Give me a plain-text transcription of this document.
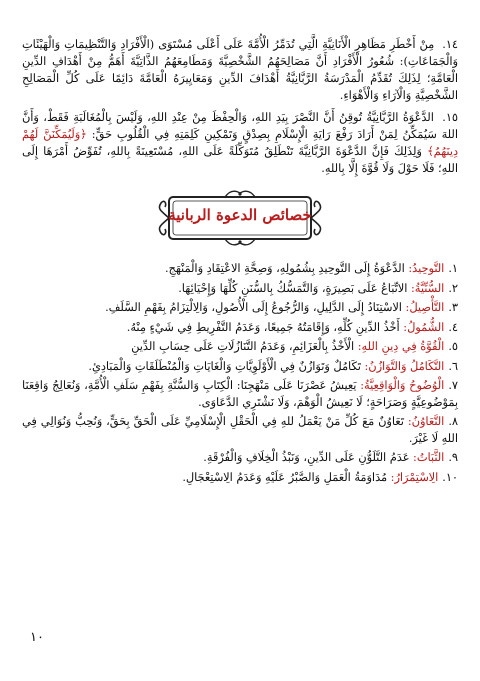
١٤. مِنْ أَخْطَرِ مَظَاهِرِ الْأَنَانِيَّةِ الَّتِي تُدَمِّرُ الْأُمَّةَ عَلَى أَعْلَى مُسْتَوَى (الْأَفْرَادِ وَالتَّنْظِيمَاتِ وَالْهَيْئَاتِ وَالْجَمَاعَاتِ): شُعُورُ الْأَفْرَادِ أَنَّ مَصَالِحَهُمُ الشَّخْصِيَّةَ وَمَطَامِعَهُمُ الذَّاتِيَّةَ أَهَمُّ مِنْ أَهْدَافِ الدِّينِ الْعَامَّةِ؛ لِذَلِكَ تُقَدِّمُ الْمَدْرَسَةُ الرَّبَّانِيَّةُ أَهْدَافَ الدِّينِ وَمَعَايِيرَهُ الْعَامَّةَ دَائِمًا عَلَى كُلِّ الْمَصَالِحِ الشَّخْصِيَّةِ وَالْآرَاءِ وَالْأَهْوَاءِ.

١٥. الدَّعْوَةُ الرَّبَّانِيَّةُ تُوقِنُ أَنَّ النَّصْرَ بِيَدِ اللهِ، وَالْحِفْظَ مِنْ عِنْدِ اللهِ، وَلَيْسَ بِالْمُغَالَبَةِ فَقَطْ، وَأَنَّ اللهَ سَيُمَكِّنُ لِمَنْ أَرَادَ رَفْعَ رَايَةِ الْإِسْلَامِ بِصِدْقٍ وَتَمْكِينِ كَلِمَتِهِ فِي الْقُلُوبِ حَقٍّ: ﴿وَلَيُمَكِّنَنَّ لَهُمْ دِينَهُمُ﴾ وَلِذَلِكَ فَإِنَّ الدَّعْوَةَ الرَّبَّانِيَّةَ تَنْطَلِقُ مُتَوَكِّلَةً عَلَى اللهِ، مُسْتَعِينَةً بِاللهِ، تُفَوِّضُ أَمْرَهَا إِلَى اللهِ؛ فَلَا حَوْلَ وَلَا قُوَّةَ إِلَّا بِاللهِ.

خصائص الدعوة الربانية

١.التَّوحِيدُ: الدَّعْوَةُ إِلَى التَّوحِيدِ بِشُمُولِهِ، وَصِحَّةِ الاعْتِقَادِ وَالْمَنْهَجِ.

٢.السُّنِّيَّةُ: الاتِّبَاعُ عَلَى بَصِيرَةٍ، وَالتَّمَسُّكُ بِالسُّنَنِ كُلِّهَا وَإِحْيَائِهَا.

٣.التَّأْصِيلُ: الاسْتِنَادُ إِلَى الدَّلِيلِ، وَالرُّجُوعُ إِلَى الْأُصُولِ، وَالِالْتِزَامُ بِفَهْمِ السَّلَفِ.

٤.الشُّمُولُ: أَخْذُ الدِّينِ كُلِّهِ، وَإِقَامَتُهُ جَمِيعًا، وَعَدَمُ التَّفْرِيطِ فِي شَيْءٍ مِنْهُ.

٥.الْقُوَّةُ فِي دِينِ اللهِ: الْأَخْذُ بِالْعَزَائِمِ، وَعَدَمُ التَّنَازُلَاتِ عَلَى حِسَابِ الدِّينِ

٦.التَّكَامُلُ وَالتَّوَازُنُ: تَكَامُلٌ وَتَوَازُنٌ فِي الْأَوْلَوِيَّاتِ وَالْغَايَاتِ وَالْمُنْطَلَقَاتِ وَالْمَبَادِئِ.

٧.الْوُضُوحُ وَالْوَاقِعِيَّةُ: يَعِيشُ عَصْرَنَا عَلَى مَنْهَجِنَا: الْكِتَابِ وَالسُّنَّةِ بِفَهْمِ سَلَفِ الْأُمَّةِ، وَنُعَالِجُ وَاقِعَنَا بِمَوْضُوعِيَّةٍ وَصَرَاحَةٍ؛ لَا نَعِيشُ الْوَهْمَ، وَلَا نَشْتَرِي الدَّعَاوَى.

٨.التَّعَاوُنُ: تَعَاوُنٌ مَعَ كُلِّ مَنْ يَعْمَلُ للهِ فِي الْحَقْلِ الْإِسْلَامِيِّ عَلَى الْحَقِّ بِحَقٍّ، وَنُحِبُّ وَنُوَالِي فِي اللهِ لَا غَيْرَ.

٩.الثَّبَاتُ: عَدَمُ التَّلَوُّنِ عَلَى الدِّينِ، وَنَبْذُ الْخِلَافِ وَالْفُرْقَةِ.

١٠.الِاسْتِمْرَارُ: مُدَاوَمَةُ الْعَمَلِ وَالصَّبْرُ عَلَيْهِ وَعَدَمُ الِاسْتِعْجَالِ.

١٠
